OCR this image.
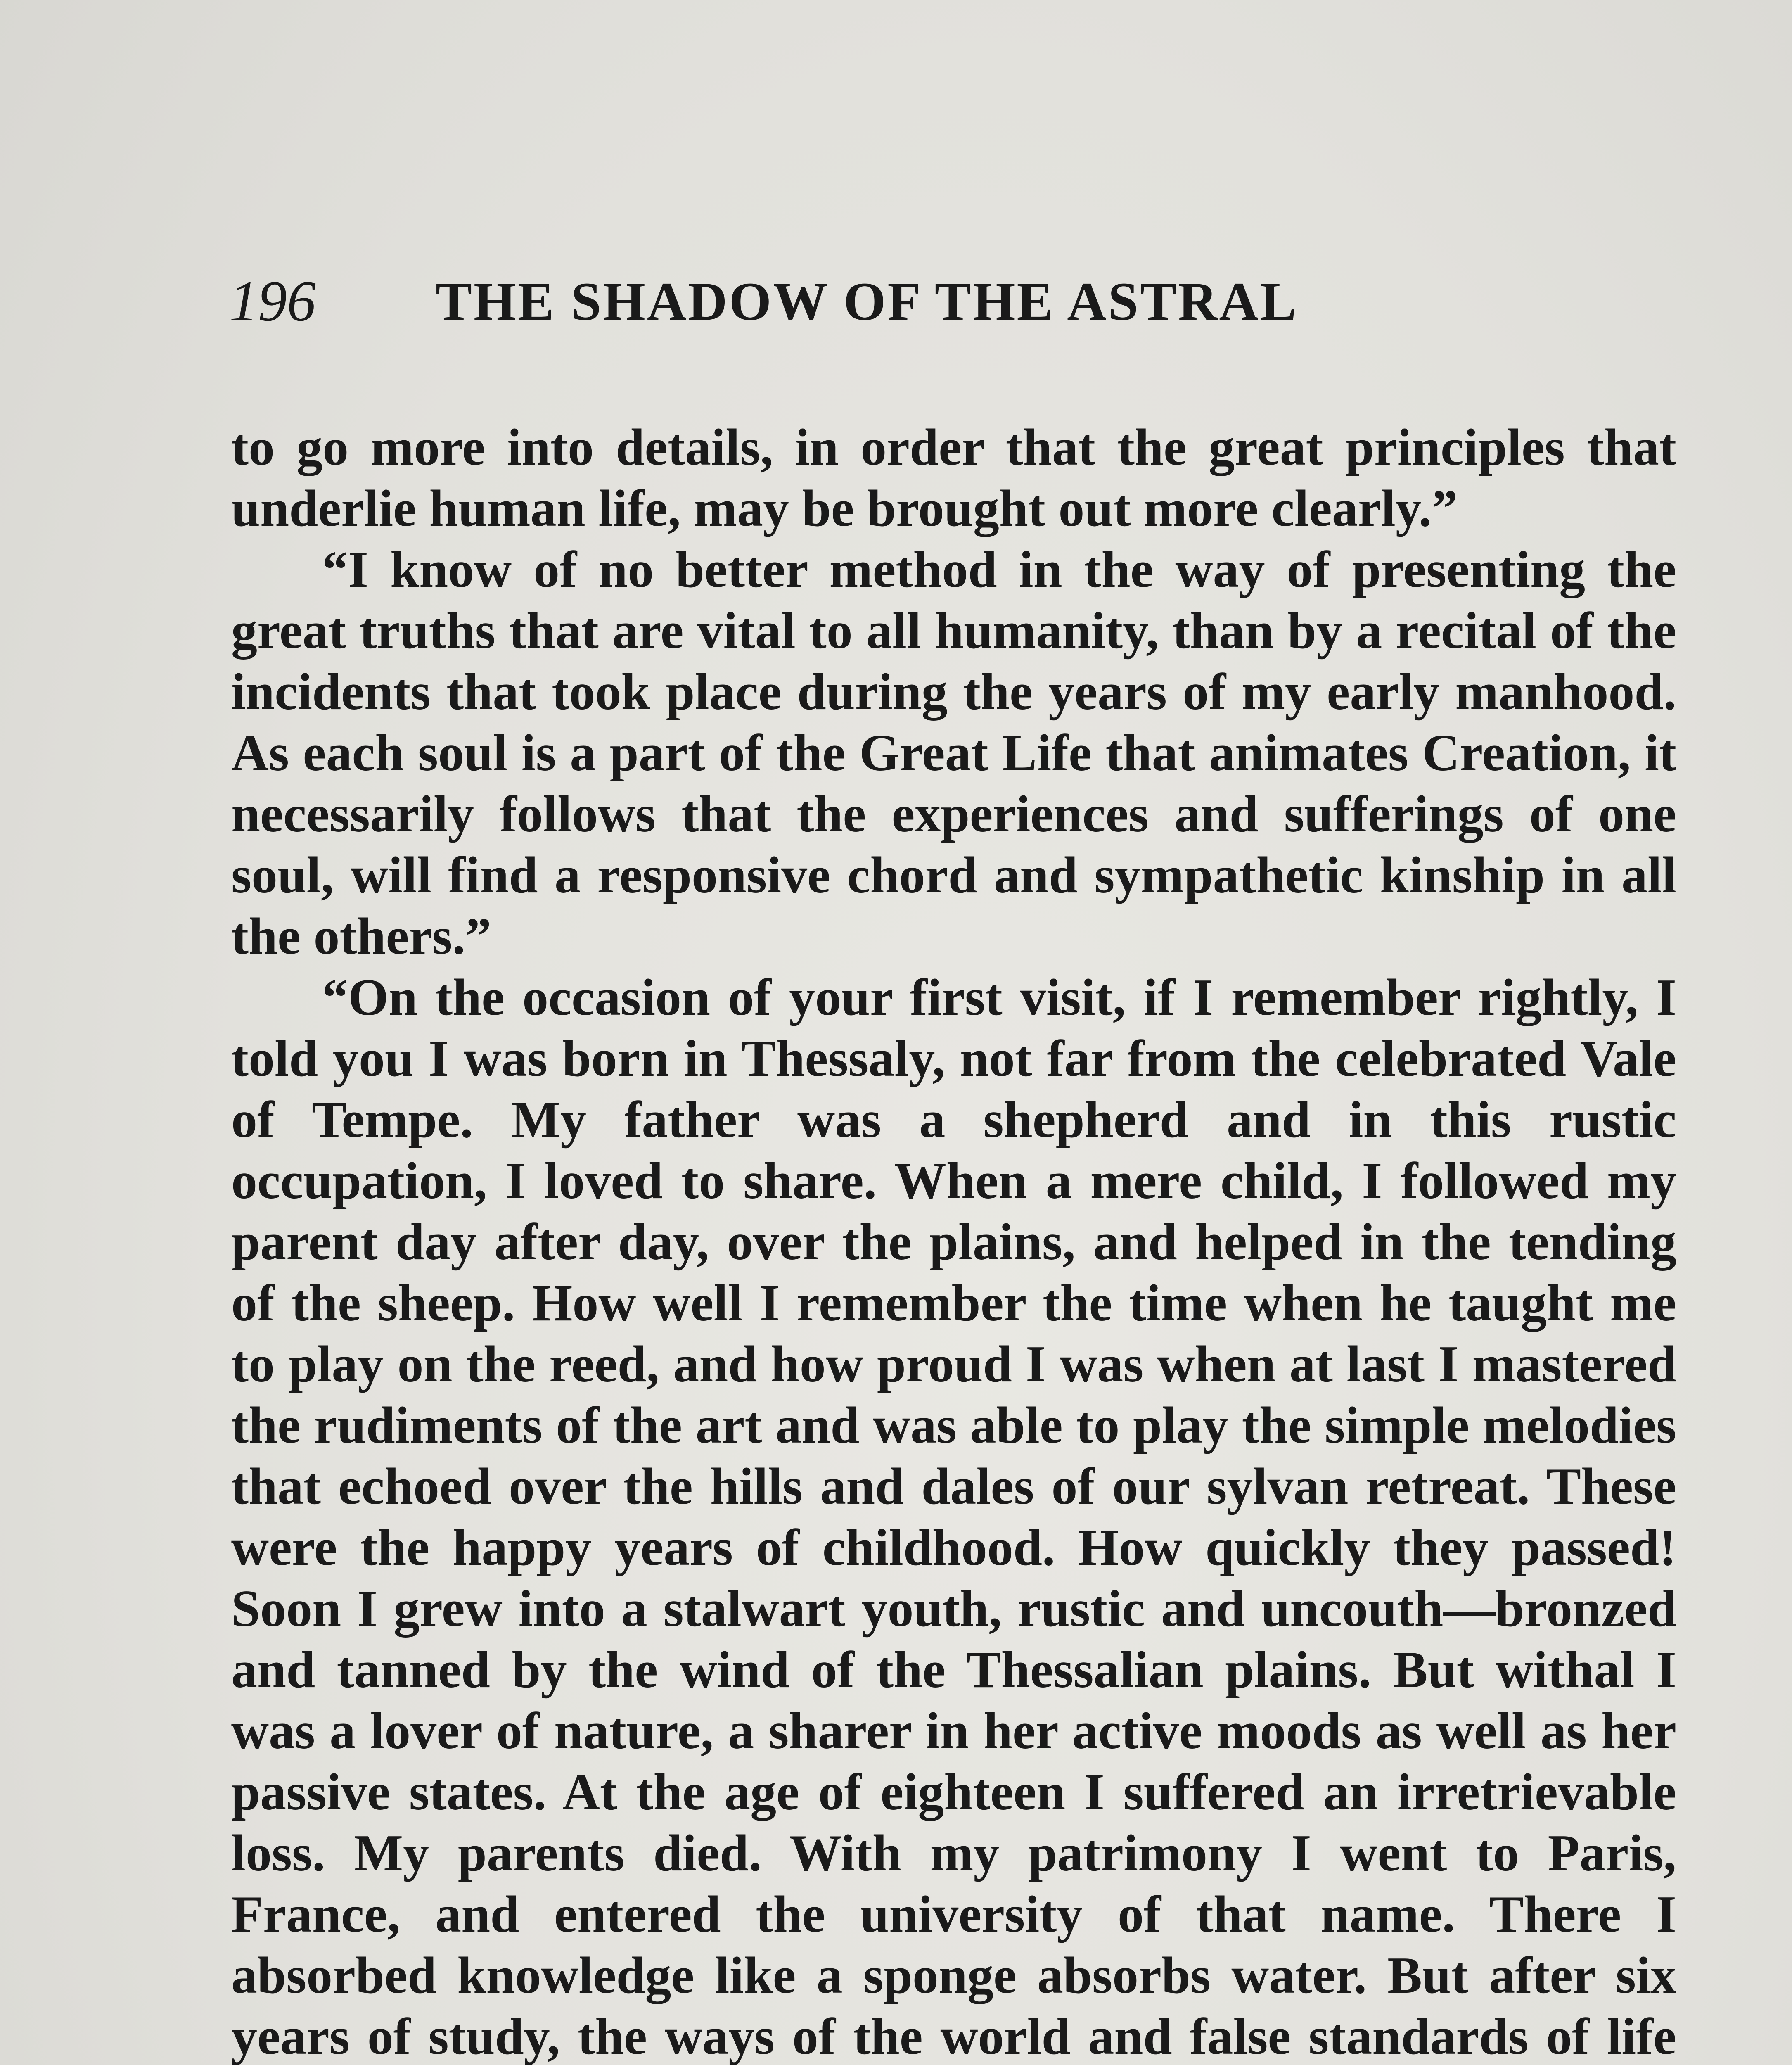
196 THE SHADOW OF THE ASTRAL

to go more into details, in order that the great principles that underlie human life, may be brought out more clearly.”

“I know of no better method in the way of presenting the great truths that are vital to all humanity, than by a recital of the incidents that took place during the years of my early manhood. As each soul is a part of the Great Life that animates Creation, it necessarily follows that the experiences and sufferings of one soul, will find a responsive chord and sympathetic kinship in all the others.”

“On the occasion of your first visit, if I remember rightly, I told you I was born in Thessaly, not far from the celebrated Vale of Tempe. My father was a shepherd and in this rustic occupation, I loved to share. When a mere child, I followed my parent day after day, over the plains, and helped in the tending of the sheep. How well I remember the time when he taught me to play on the reed, and how proud I was when at last I mastered the rudiments of the art and was able to play the simple melodies that echoed over the hills and dales of our sylvan retreat. These were the happy years of childhood. How quickly they passed! Soon I grew into a stalwart youth, rustic and uncouth—bronzed and tanned by the wind of the Thessalian plains. But withal I was a lover of nature, a sharer in her active moods as well as her passive states. At the age of eighteen I suffered an irretrievable loss. My parents died. With my patrimony I went to Paris, France, and entered the university of that name. There I absorbed knowledge like a sponge absorbs water. But after six years of study, the ways of the world and false standards of life
